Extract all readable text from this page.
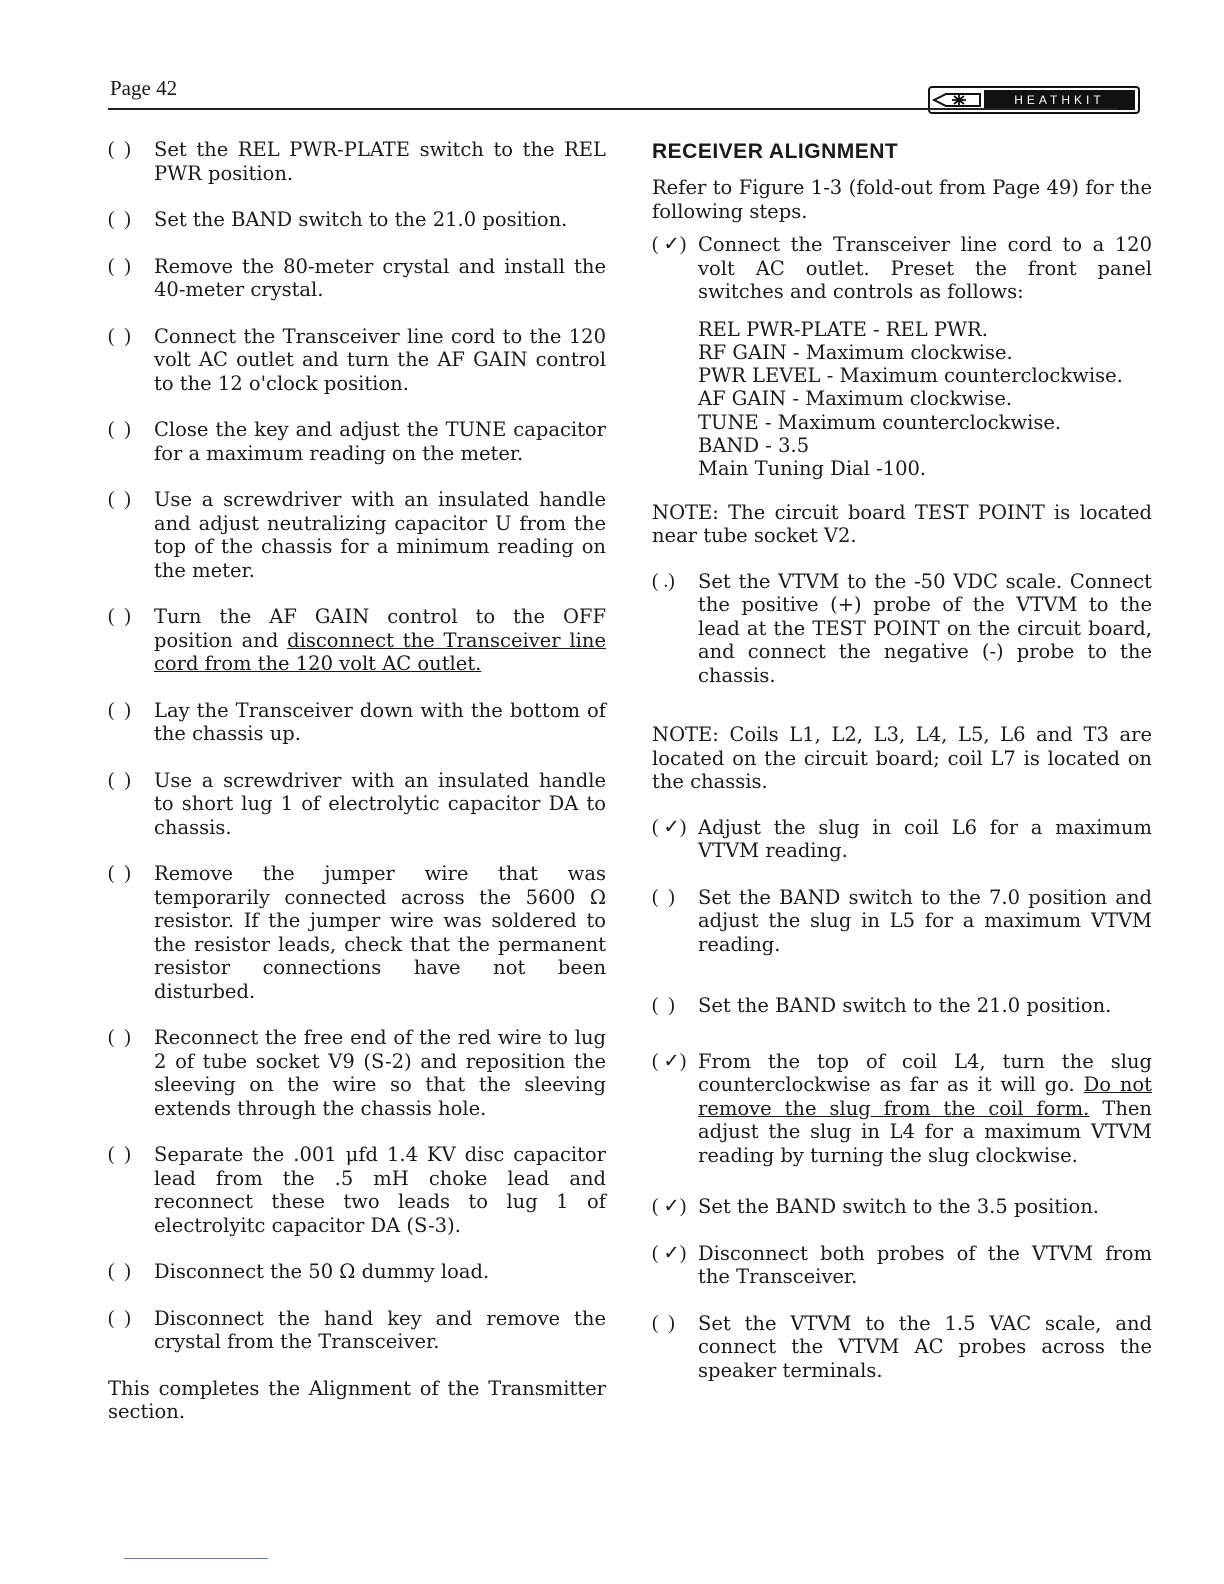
Page 42	HEATHKIT
(  )	Set the REL PWR-PLATE switch to the REL PWR position.
(  )	Set the BAND switch to the 21.0 position.
(  )	Remove the 80-meter crystal and install the 40-meter crystal.
(  )	Connect the Transceiver line cord to the 120 volt AC outlet and turn the AF GAIN control to the 12 o'clock position.
(  )	Close the key and adjust the TUNE capacitor for a maximum reading on the meter.
(  )	Use a screwdriver with an insulated handle and adjust neutralizing capacitor U from the top of the chassis for a minimum reading on the meter.
(  )	Turn the AF GAIN control to the OFF position and disconnect the Transceiver line cord from the 120 volt AC outlet.
(  )	Lay the Transceiver down with the bottom of the chassis up.
(  )	Use a screwdriver with an insulated handle to short lug 1 of electrolytic capacitor DA to chassis.
(  )	Remove the jumper wire that was temporarily connected across the 5600 Ω resistor. If the jumper wire was soldered to the resistor leads, check that the permanent resistor connections have not been disturbed.
(  )	Reconnect the free end of the red wire to lug 2 of tube socket V9 (S-2) and reposition the sleeving on the wire so that the sleeving extends through the chassis hole.
(  )	Separate the .001 μfd 1.4 KV disc capacitor lead from the .5 mH choke lead and reconnect these two leads to lug 1 of electrolyitc capacitor DA (S-3).
(  )	Disconnect the 50 Ω dummy load.
(  )	Disconnect the hand key and remove the crystal from the Transceiver.
This completes the Alignment of the Transmitter section.
RECEIVER ALIGNMENT
Refer to Figure 1-3 (fold-out from Page 49) for the following steps.
( ✓) Connect the Transceiver line cord to a 120 volt AC outlet. Preset the front panel switches and controls as follows:
REL PWR-PLATE - REL PWR.
RF GAIN - Maximum clockwise.
PWR LEVEL - Maximum counterclockwise.
AF GAIN - Maximum clockwise.
TUNE - Maximum counterclockwise.
BAND - 3.5
Main Tuning Dial -100.
NOTE: The circuit board TEST POINT is located near tube socket V2.
( .)	Set the VTVM to the -50 VDC scale. Connect the positive (+) probe of the VTVM to the lead at the TEST POINT on the circuit board, and connect the negative (-) probe to the chassis.
NOTE: Coils L1, L2, L3, L4, L5, L6 and T3 are located on the circuit board; coil L7 is located on the chassis.
( ✓) Adjust the slug in coil L6 for a maximum VTVM reading.
(  )	Set the BAND switch to the 7.0 position and adjust the slug in L5 for a maximum VTVM reading.
(  )	Set the BAND switch to the 21.0 position.
( ✓) From the top of coil L4, turn the slug counterclockwise as far as it will go. Do not remove the slug from the coil form. Then adjust the slug in L4 for a maximum VTVM reading by turning the slug clockwise.
( ✓) Set the BAND switch to the 3.5 position.
( ✓) Disconnect both probes of the VTVM from the Transceiver.
(  )	Set the VTVM to the 1.5 VAC scale, and connect the VTVM AC probes across the speaker terminals.
